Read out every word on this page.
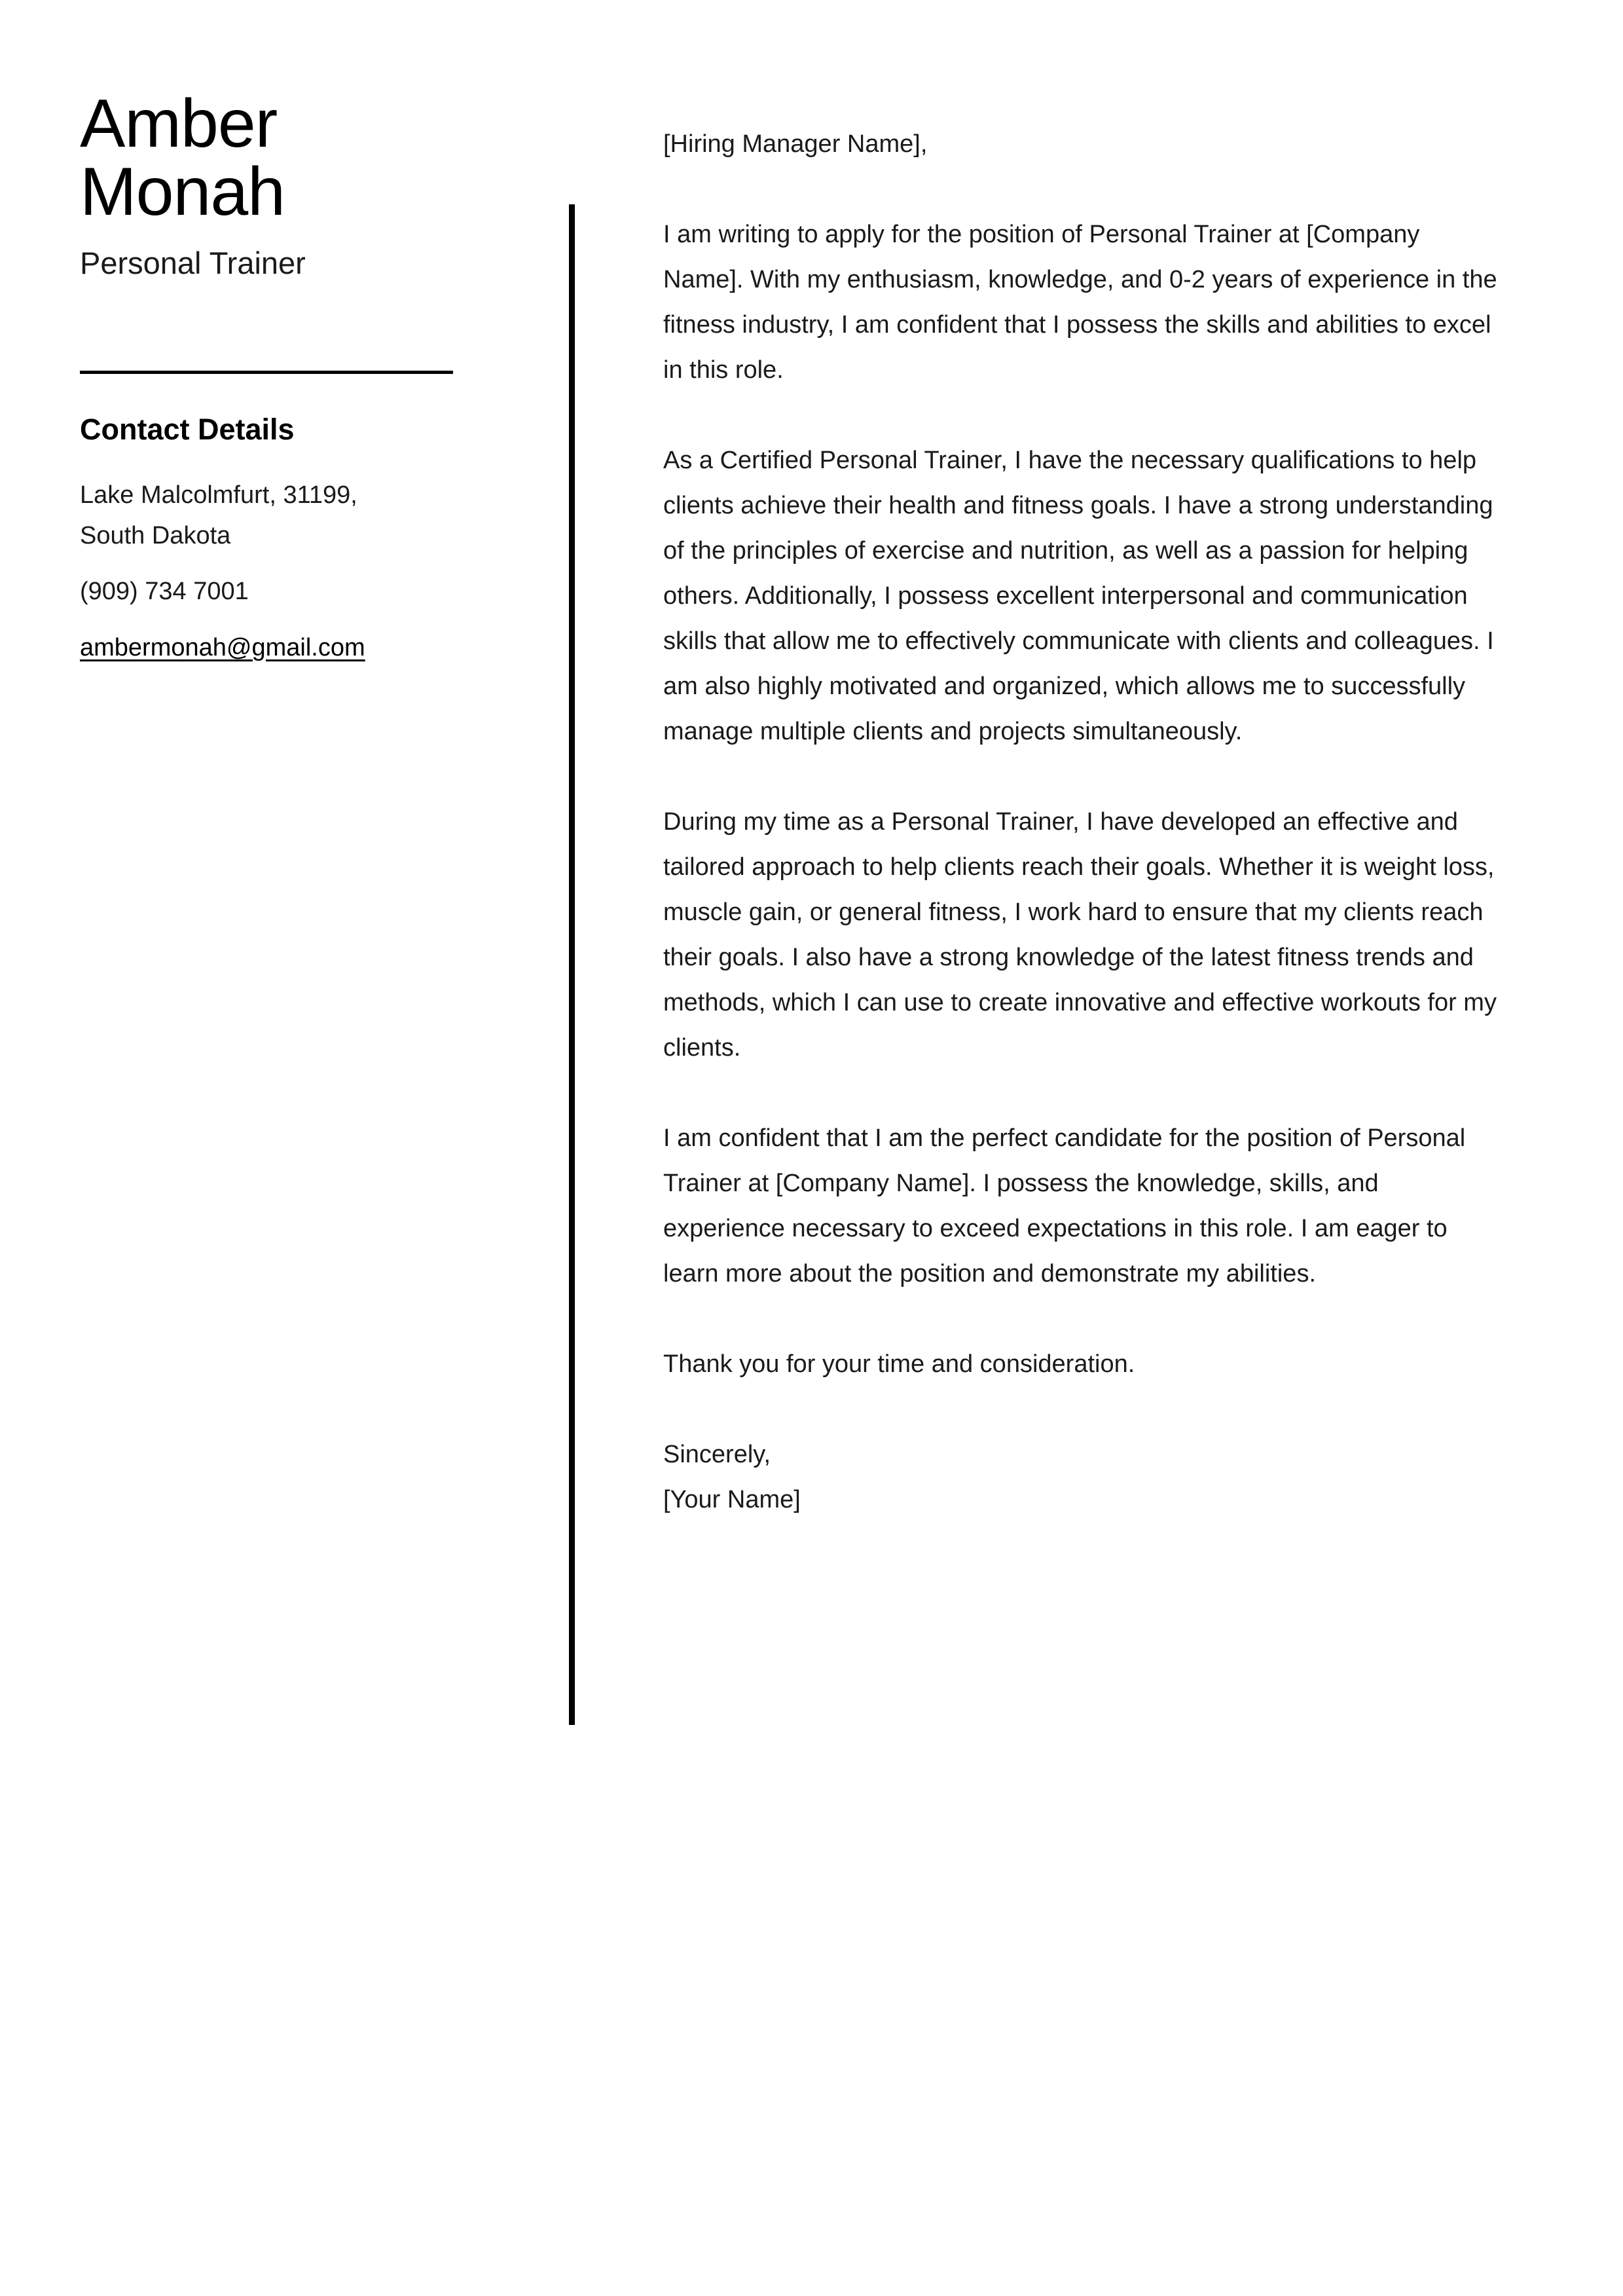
Amber
Monah
Personal Trainer
Contact Details
Lake Malcolmfurt, 31199,
South Dakota
(909) 734 7001
ambermonah@gmail.com

[Hiring Manager Name],

I am writing to apply for the position of Personal Trainer at [Company Name]. With my enthusiasm, knowledge, and 0-2 years of experience in the fitness industry, I am confident that I possess the skills and abilities to excel in this role.

As a Certified Personal Trainer, I have the necessary qualifications to help clients achieve their health and fitness goals. I have a strong understanding of the principles of exercise and nutrition, as well as a passion for helping others. Additionally, I possess excellent interpersonal and communication skills that allow me to effectively communicate with clients and colleagues. I am also highly motivated and organized, which allows me to successfully manage multiple clients and projects simultaneously.

During my time as a Personal Trainer, I have developed an effective and tailored approach to help clients reach their goals. Whether it is weight loss, muscle gain, or general fitness, I work hard to ensure that my clients reach their goals. I also have a strong knowledge of the latest fitness trends and methods, which I can use to create innovative and effective workouts for my clients.

I am confident that I am the perfect candidate for the position of Personal Trainer at [Company Name]. I possess the knowledge, skills, and experience necessary to exceed expectations in this role. I am eager to learn more about the position and demonstrate my abilities.

Thank you for your time and consideration.

Sincerely,

[Your Name]
